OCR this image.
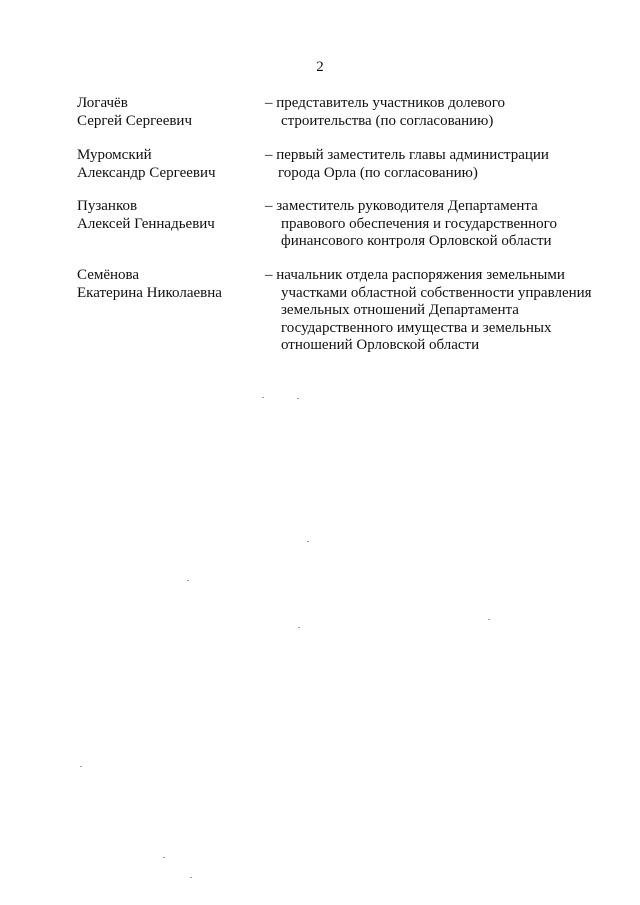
2
Логачёв
Сергей Сергеевич
– представитель участников долевого
строительства (по согласованию)
Муромский
Александр Сергеевич
– первый заместитель главы администрации
города Орла (по согласованию)
Пузанков
Алексей Геннадьевич
– заместитель руководителя Департамента
правового обеспечения и государственного
финансового контроля Орловской области
Семёнова
Екатерина Николаевна
– начальник отдела распоряжения земельными
участками областной собственности управления
земельных отношений Департамента
государственного имущества и земельных
отношений Орловской области
